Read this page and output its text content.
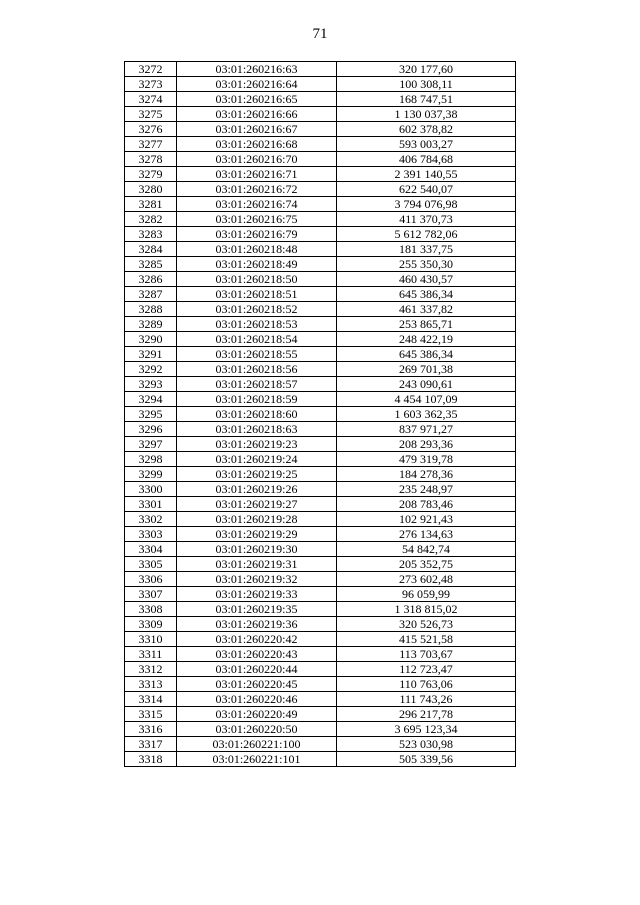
71
3272	03:01:260216:63	320 177,60
3273	03:01:260216:64	100 308,11
3274	03:01:260216:65	168 747,51
3275	03:01:260216:66	1 130 037,38
3276	03:01:260216:67	602 378,82
3277	03:01:260216:68	593 003,27
3278	03:01:260216:70	406 784,68
3279	03:01:260216:71	2 391 140,55
3280	03:01:260216:72	622 540,07
3281	03:01:260216:74	3 794 076,98
3282	03:01:260216:75	411 370,73
3283	03:01:260216:79	5 612 782,06
3284	03:01:260218:48	181 337,75
3285	03:01:260218:49	255 350,30
3286	03:01:260218:50	460 430,57
3287	03:01:260218:51	645 386,34
3288	03:01:260218:52	461 337,82
3289	03:01:260218:53	253 865,71
3290	03:01:260218:54	248 422,19
3291	03:01:260218:55	645 386,34
3292	03:01:260218:56	269 701,38
3293	03:01:260218:57	243 090,61
3294	03:01:260218:59	4 454 107,09
3295	03:01:260218:60	1 603 362,35
3296	03:01:260218:63	837 971,27
3297	03:01:260219:23	208 293,36
3298	03:01:260219:24	479 319,78
3299	03:01:260219:25	184 278,36
3300	03:01:260219:26	235 248,97
3301	03:01:260219:27	208 783,46
3302	03:01:260219:28	102 921,43
3303	03:01:260219:29	276 134,63
3304	03:01:260219:30	54 842,74
3305	03:01:260219:31	205 352,75
3306	03:01:260219:32	273 602,48
3307	03:01:260219:33	96 059,99
3308	03:01:260219:35	1 318 815,02
3309	03:01:260219:36	320 526,73
3310	03:01:260220:42	415 521,58
3311	03:01:260220:43	113 703,67
3312	03:01:260220:44	112 723,47
3313	03:01:260220:45	110 763,06
3314	03:01:260220:46	111 743,26
3315	03:01:260220:49	296 217,78
3316	03:01:260220:50	3 695 123,34
3317	03:01:260221:100	523 030,98
3318	03:01:260221:101	505 339,56
